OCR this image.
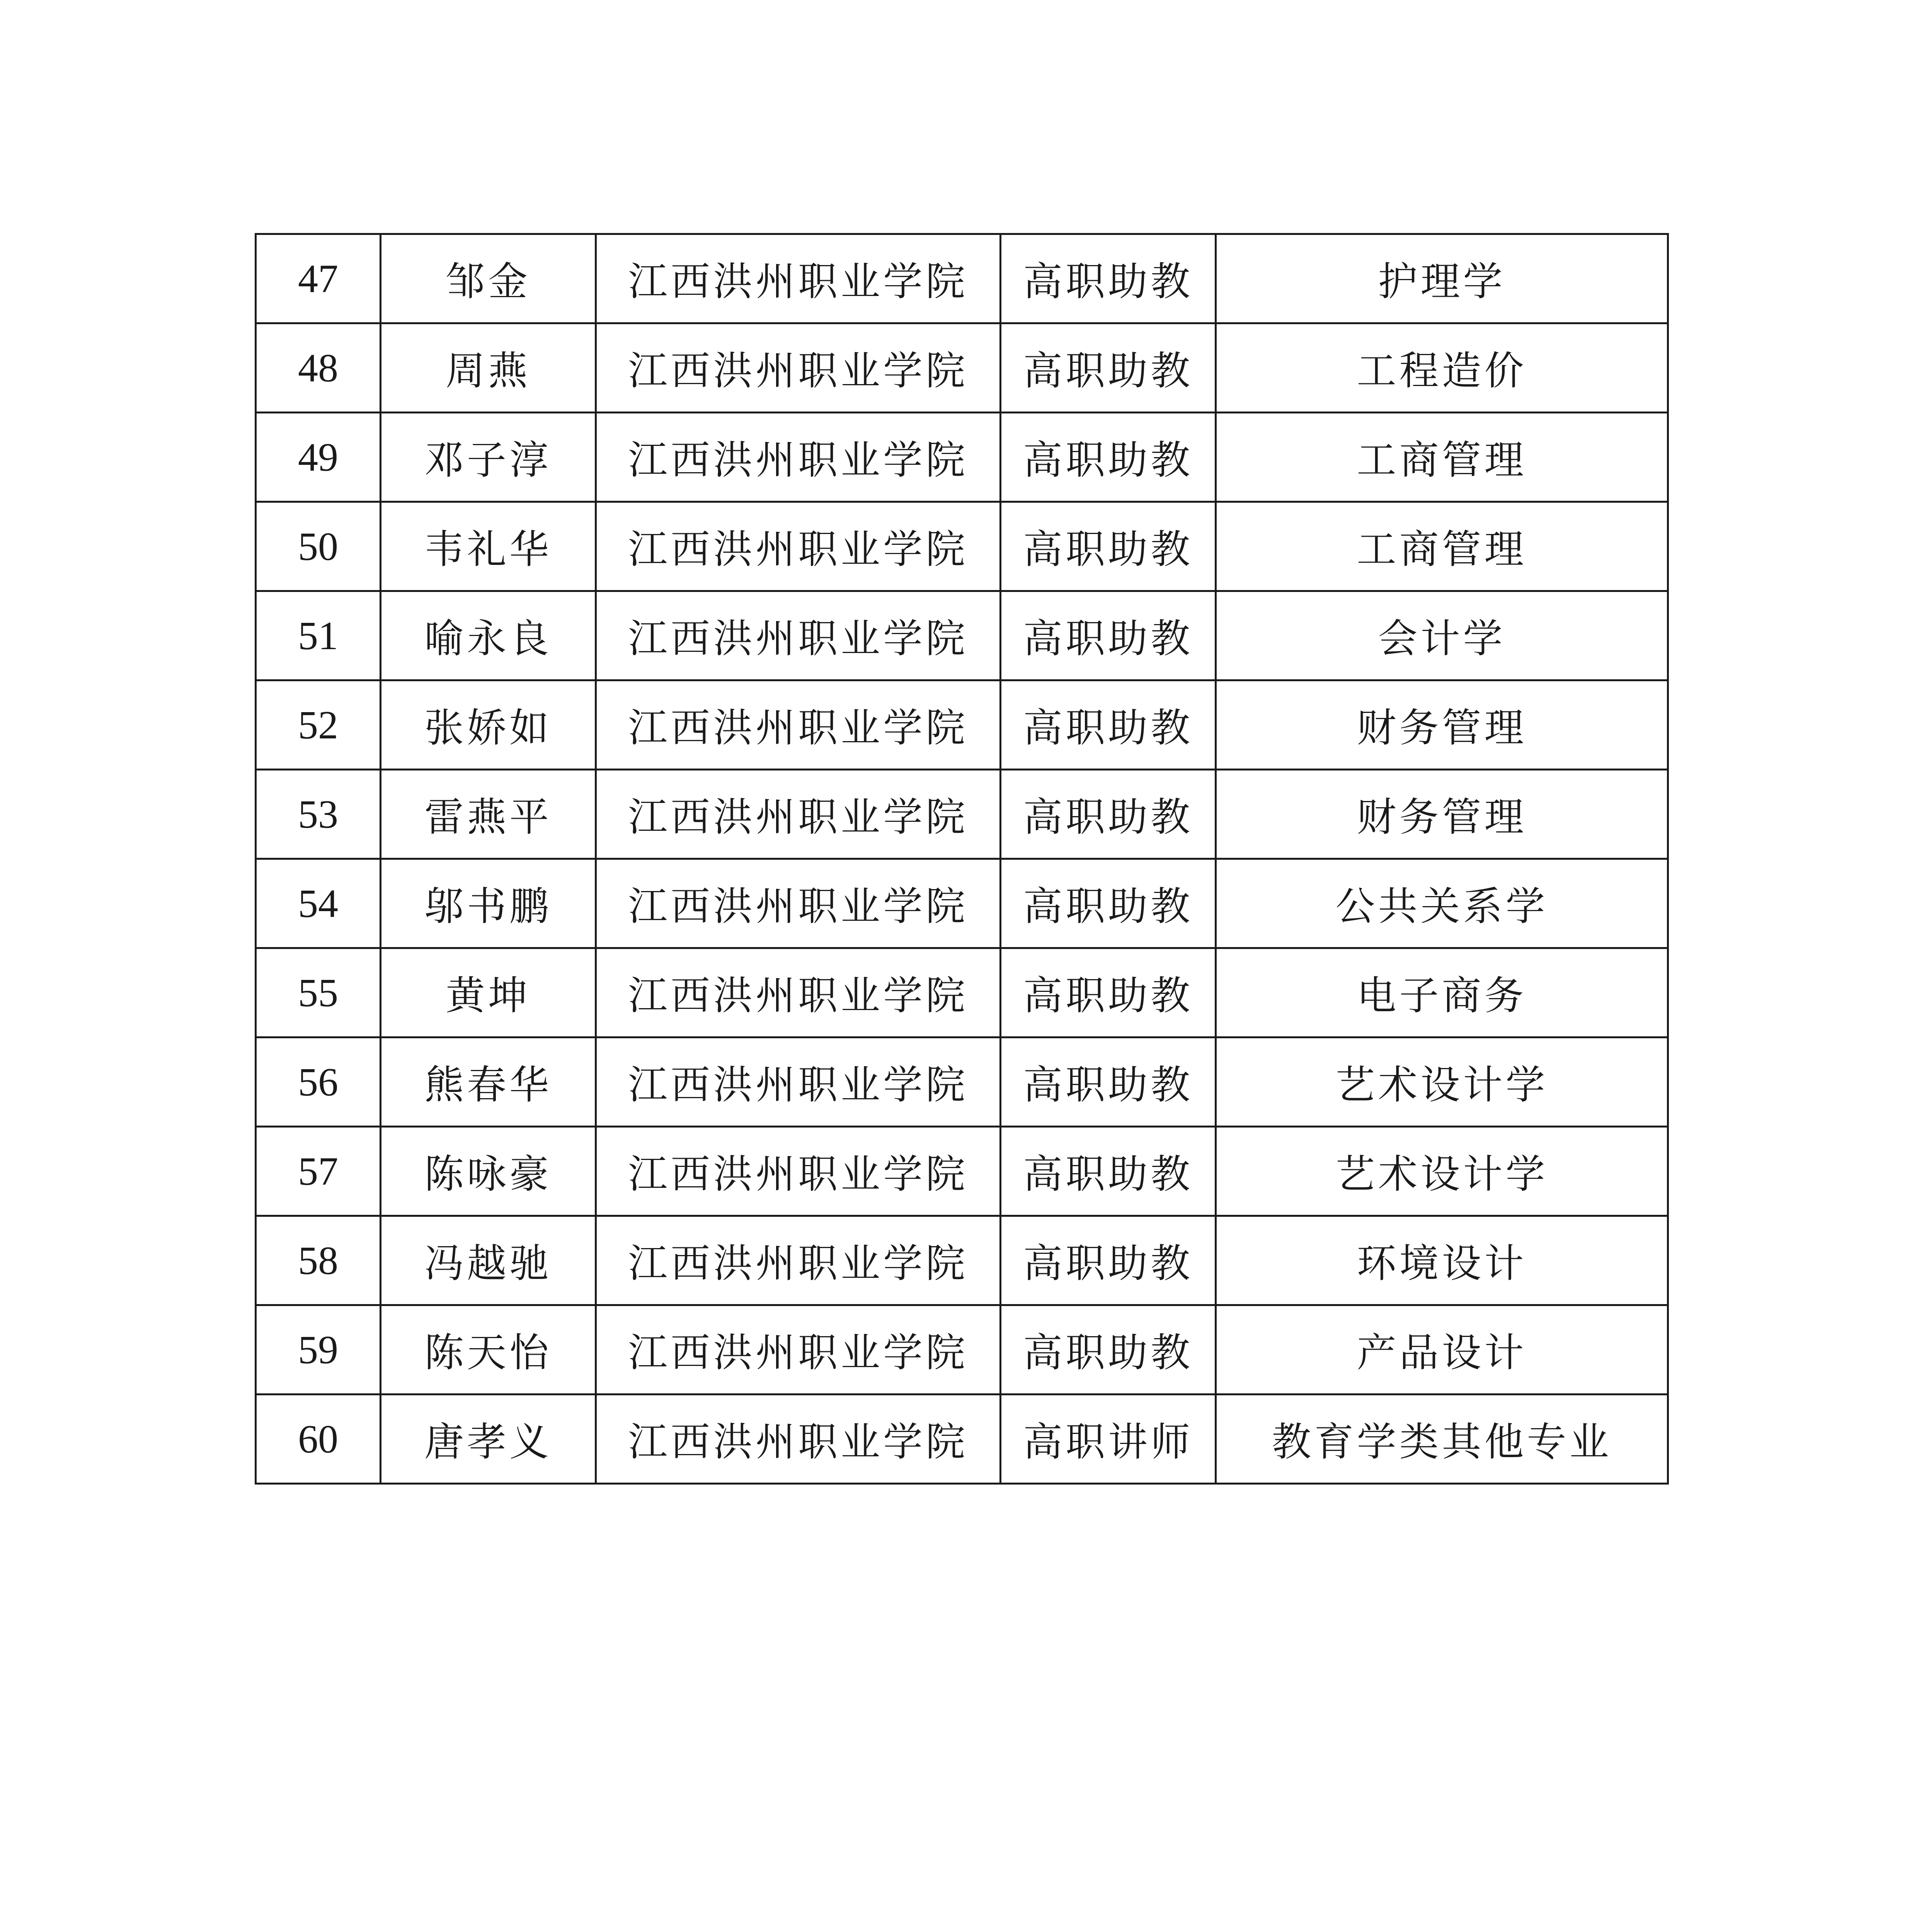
47	邹金	江西洪州职业学院	高职助教	护理学
48	周燕	江西洪州职业学院	高职助教	工程造价
49	邓子淳	江西洪州职业学院	高职助教	工商管理
50	韦礼华	江西洪州职业学院	高职助教	工商管理
51	喻永良	江西洪州职业学院	高职助教	会计学
52	张娇如	江西洪州职业学院	高职助教	财务管理
53	雷燕平	江西洪州职业学院	高职助教	财务管理
54	邬书鹏	江西洪州职业学院	高职助教	公共关系学
55	黄坤	江西洪州职业学院	高职助教	电子商务
56	熊春华	江西洪州职业学院	高职助教	艺术设计学
57	陈咏豪	江西洪州职业学院	高职助教	艺术设计学
58	冯越驰	江西洪州职业学院	高职助教	环境设计
59	陈天怡	江西洪州职业学院	高职助教	产品设计
60	唐孝义	江西洪州职业学院	高职讲师	教育学类其他专业
